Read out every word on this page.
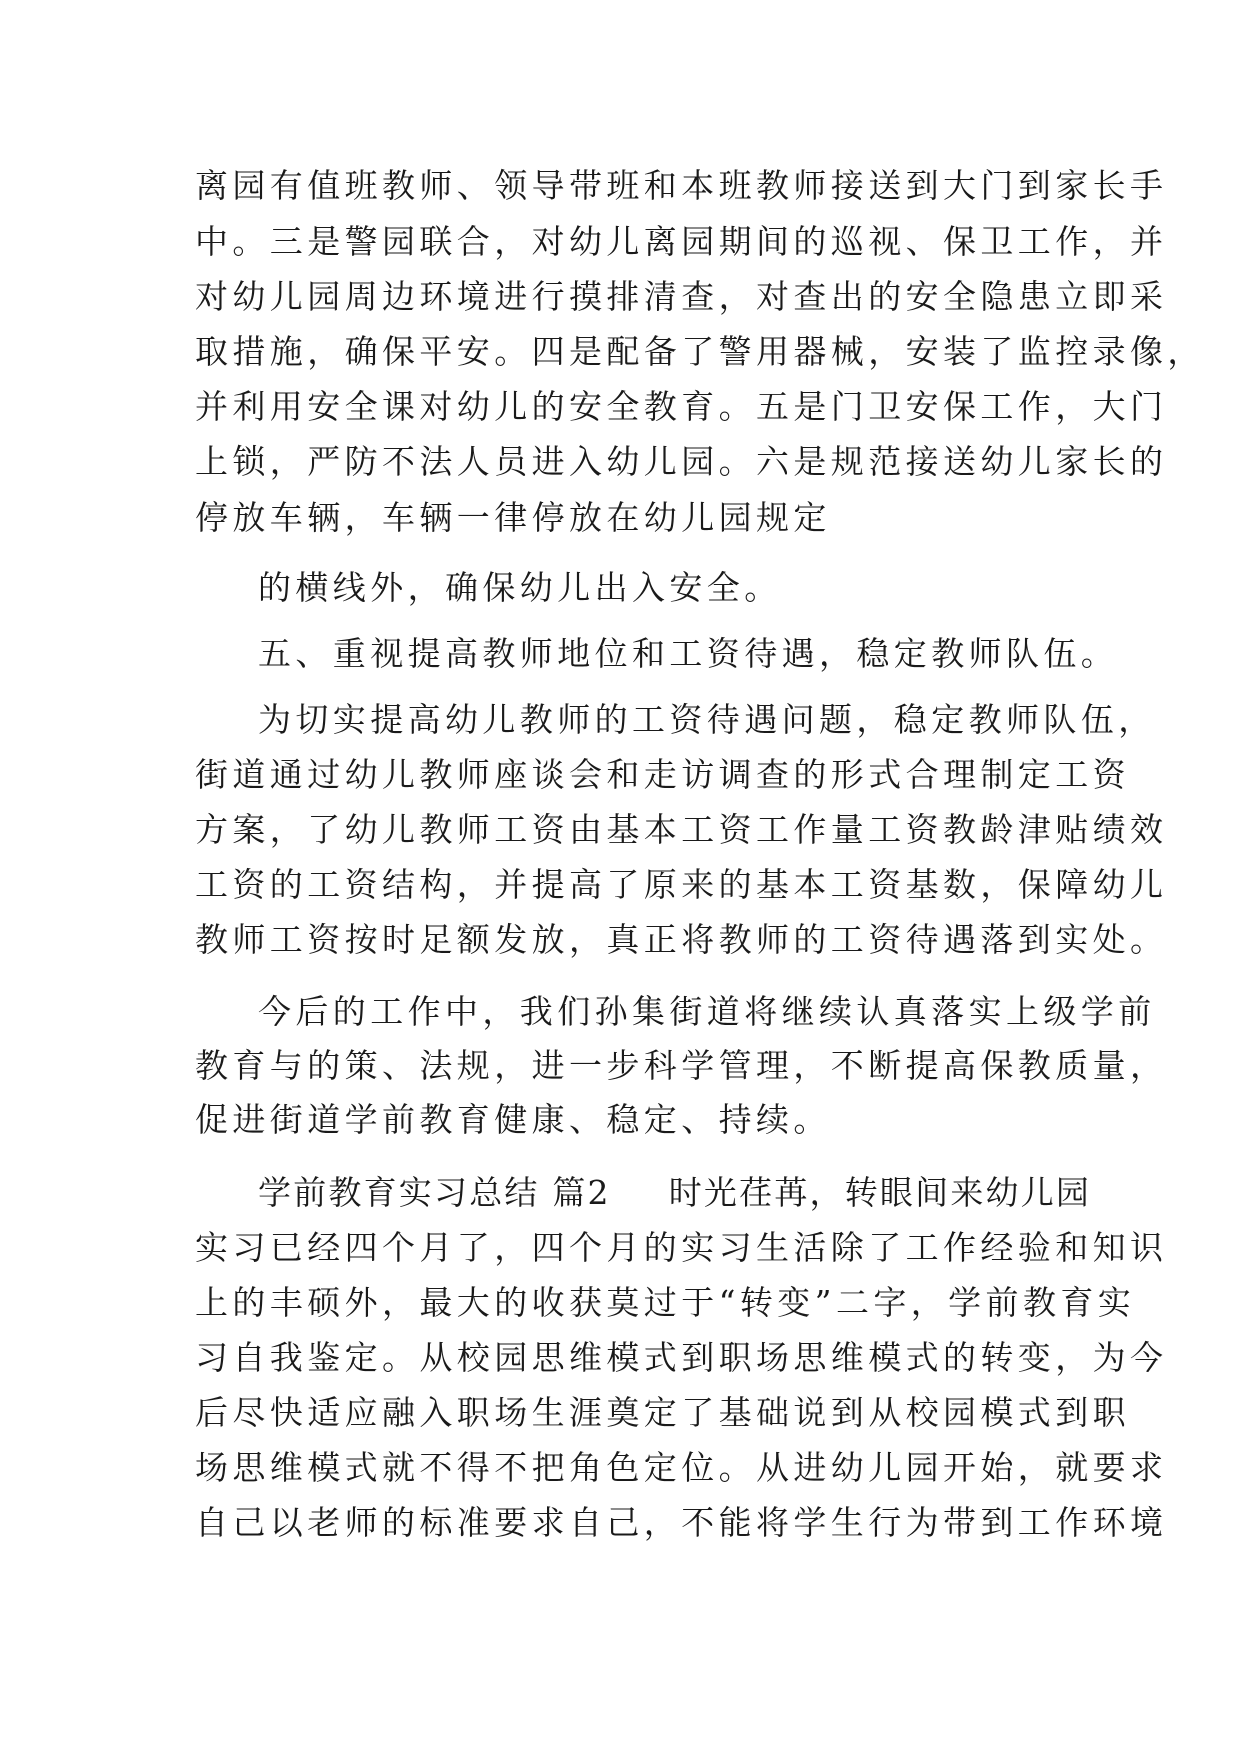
离园有值班教师、领导带班和本班教师接送到大门到家长手
中。三是警园联合，对幼儿离园期间的巡视、保卫工作，并
对幼儿园周边环境进行摸排清查，对查出的安全隐患立即采
取措施，确保平安。四是配备了警用器械，安装了监控录像，
并利用安全课对幼儿的安全教育。五是门卫安保工作，大门
上锁，严防不法人员进入幼儿园。六是规范接送幼儿家长的
停放车辆，车辆一律停放在幼儿园规定
的横线外，确保幼儿出入安全。
五、重视提高教师地位和工资待遇，稳定教师队伍。
为切实提高幼儿教师的工资待遇问题，稳定教师队伍，
街道通过幼儿教师座谈会和走访调查的形式合理制定工资
方案，了幼儿教师工资由基本工资工作量工资教龄津贴绩效
工资的工资结构，并提高了原来的基本工资基数，保障幼儿
教师工资按时足额发放，真正将教师的工资待遇落到实处。
今后的工作中，我们孙集街道将继续认真落实上级学前
教育与的策、法规，进一步科学管理，不断提高保教质量，
促进街道学前教育健康、稳定、持续。
学前教育实习总结 篇2 时光荏苒，转眼间来幼儿园
实习已经四个月了，四个月的实习生活除了工作经验和知识
上的丰硕外，最大的收获莫过于“转变”二字，学前教育实
习自我鉴定。从校园思维模式到职场思维模式的转变，为今
后尽快适应融入职场生涯奠定了基础说到从校园模式到职
场思维模式就不得不把角色定位。从进幼儿园开始，就要求
自己以老师的标准要求自己，不能将学生行为带到工作环境
